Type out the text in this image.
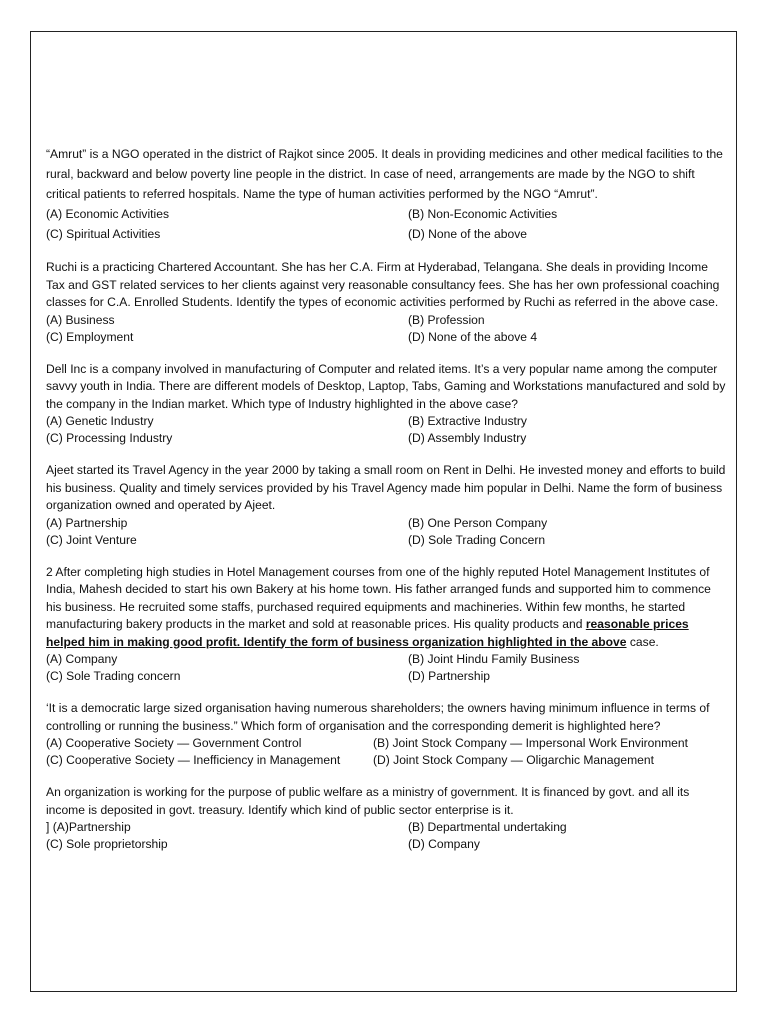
“Amrut” is a NGO operated in the district of Rajkot since 2005. It deals in providing medicines and other medical facilities to the rural, backward and below poverty line people in the district. In case of need, arrangements are made by the NGO to shift critical patients to referred hospitals. Name the type of human activities performed by the NGO “Amrut”.

(A) Economic Activities	(B) Non-Economic Activities
(C) Spiritual Activities	(D) None of the above

Ruchi is a practicing Chartered Accountant. She has her C.A. Firm at Hyderabad, Telangana. She deals in providing Income Tax and GST related services to her clients against very reasonable consultancy fees. She has her own professional coaching classes for C.A. Enrolled Students. Identify the types of economic activities performed by Ruchi as referred in the above case.

(A) Business	(B) Profession
(C) Employment	(D) None of the above 4

Dell Inc is a company involved in manufacturing of Computer and related items. It’s a very popular name among the computer savvy youth in India. There are different models of Desktop, Laptop, Tabs, Gaming and Workstations manufactured and sold by the company in the Indian market. Which type of Industry highlighted in the above case?

(A) Genetic Industry	(B) Extractive Industry
(C) Processing Industry	(D) Assembly Industry

Ajeet started its Travel Agency in the year 2000 by taking a small room on Rent in Delhi. He invested money and efforts to build his business. Quality and timely services provided by his Travel Agency made him popular in Delhi. Name the form of business organization owned and operated by Ajeet.

(A) Partnership	(B) One Person Company
(C) Joint Venture	(D) Sole Trading Concern

2 After completing high studies in Hotel Management courses from one of the highly reputed Hotel Management Institutes of India, Mahesh decided to start his own Bakery at his home town. His father arranged funds and supported him to commence his business. He recruited some staffs, purchased required equipments and machineries. Within few months, he started manufacturing bakery products in the market and sold at reasonable prices. His quality products and reasonable prices helped him in making good profit. Identify the form of business organization highlighted in the above case.

(A) Company	(B) Joint Hindu Family Business
(C) Sole Trading concern	(D) Partnership

‘It is a democratic large sized organisation having numerous shareholders; the owners having minimum influence in terms of controlling or running the business.” Which form of organisation and the corresponding demerit is highlighted here?

(A) Cooperative Society — Government Control	(B) Joint Stock Company — Impersonal Work Environment
(C) Cooperative Society — Inefficiency in Management	(D) Joint Stock Company — Oligarchic Management

An organization is working for the purpose of public welfare as a ministry of government. It is financed by govt. and all its income is deposited in govt. treasury. Identify which kind of public sector enterprise is it.

] (A)Partnership	(B) Departmental undertaking
(C) Sole proprietorship	(D) Company
